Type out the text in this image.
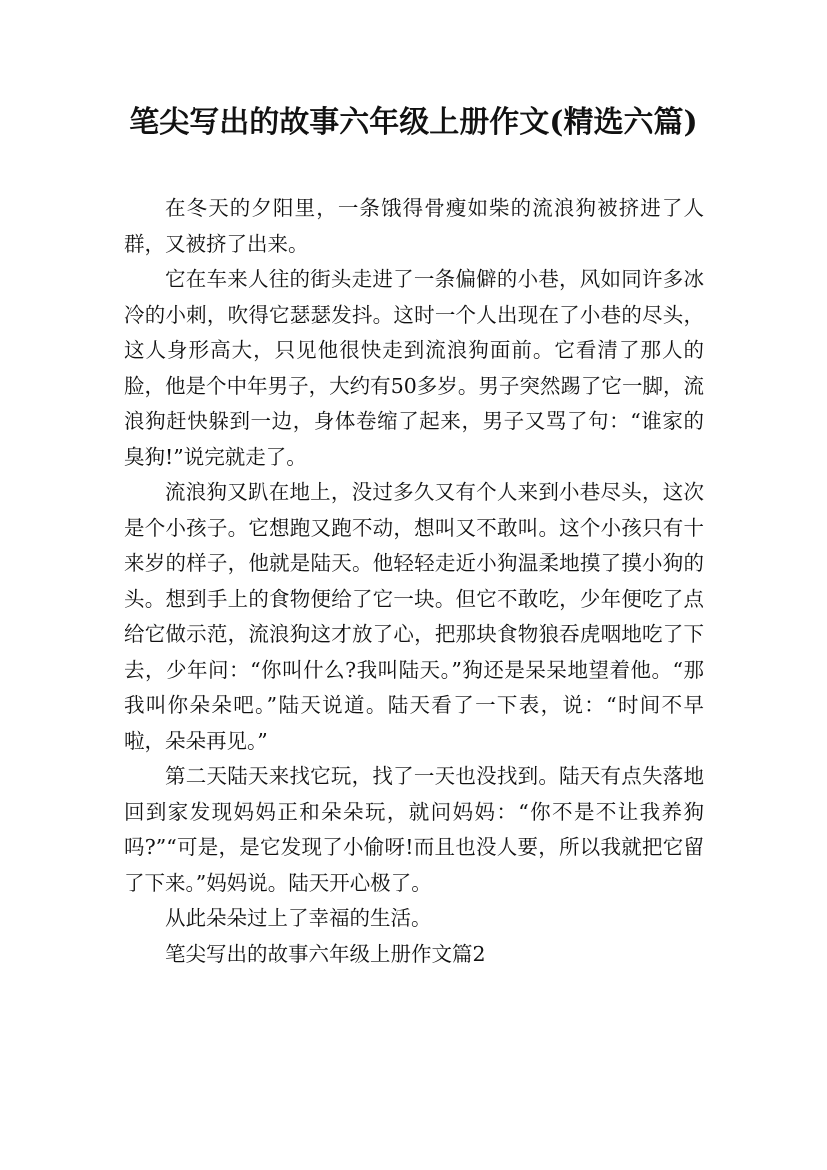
笔尖写出的故事六年级上册作文(精选六篇)

在冬天的夕阳里，一条饿得骨瘦如柴的流浪狗被挤进了人群，又被挤了出来。

它在车来人往的街头走进了一条偏僻的小巷，风如同许多冰冷的小刺，吹得它瑟瑟发抖。这时一个人出现在了小巷的尽头，这人身形高大，只见他很快走到流浪狗面前。它看清了那人的脸，他是个中年男子，大约有50多岁。男子突然踢了它一脚，流浪狗赶快躲到一边，身体卷缩了起来，男子又骂了句：“谁家的臭狗!”说完就走了。

流浪狗又趴在地上，没过多久又有个人来到小巷尽头，这次是个小孩子。它想跑又跑不动，想叫又不敢叫。这个小孩只有十来岁的样子，他就是陆天。他轻轻走近小狗温柔地摸了摸小狗的头。想到手上的食物便给了它一块。但它不敢吃，少年便吃了点给它做示范，流浪狗这才放了心，把那块食物狼吞虎咽地吃了下去，少年问：“你叫什么?我叫陆天。”狗还是呆呆地望着他。“那我叫你朵朵吧。”陆天说道。陆天看了一下表，说：“时间不早啦，朵朵再见。”

第二天陆天来找它玩，找了一天也没找到。陆天有点失落地回到家发现妈妈正和朵朵玩，就问妈妈：“你不是不让我养狗吗?”“可是，是它发现了小偷呀!而且也没人要，所以我就把它留了下来。”妈妈说。陆天开心极了。

从此朵朵过上了幸福的生活。

笔尖写出的故事六年级上册作文篇2
